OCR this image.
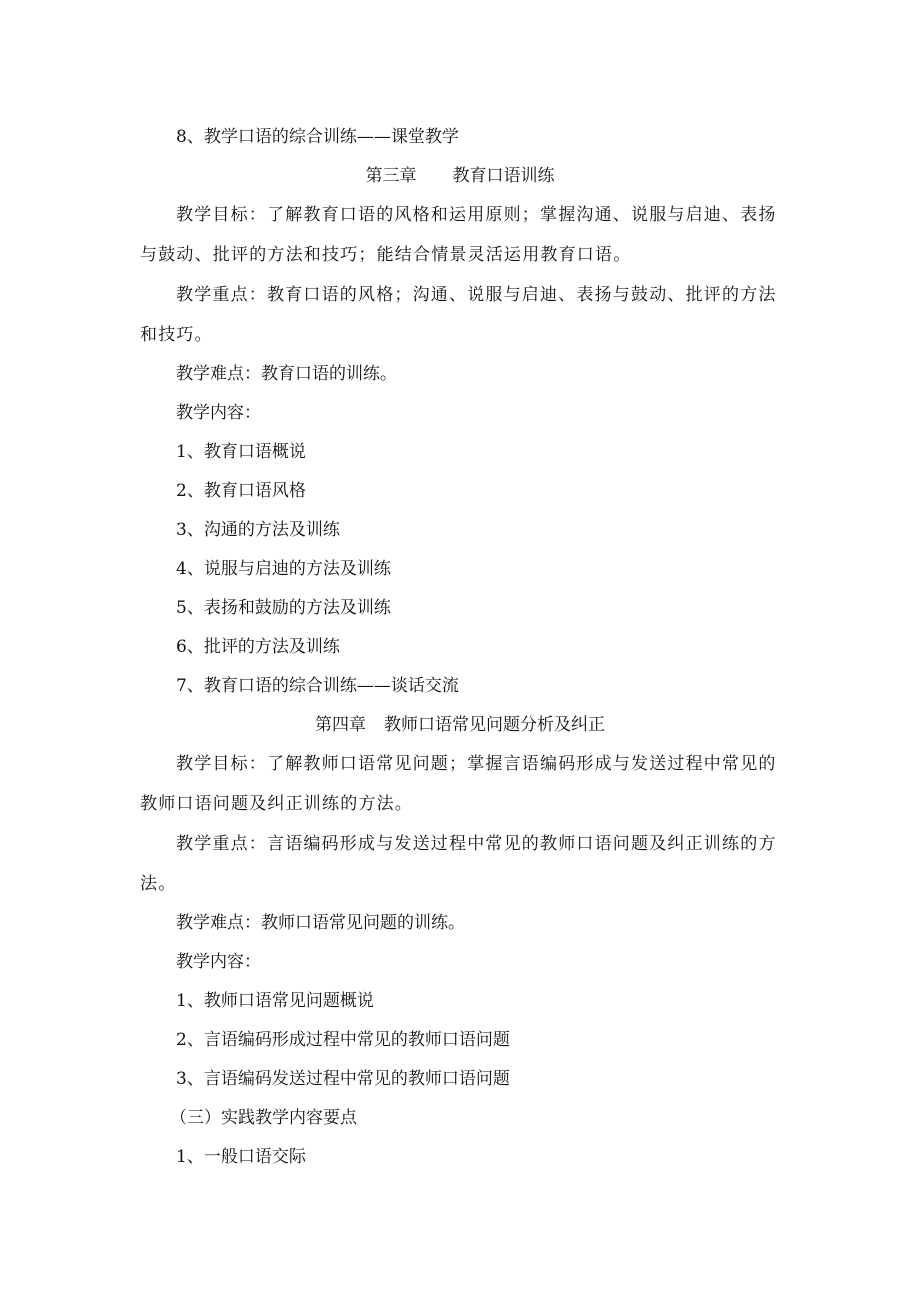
8、教学口语的综合训练——课堂教学

第三章 教育口语训练

教学目标：了解教育口语的风格和运用原则；掌握沟通、说服与启迪、表扬

与鼓动、批评的方法和技巧；能结合情景灵活运用教育口语。

教学重点：教育口语的风格；沟通、说服与启迪、表扬与鼓动、批评的方法

和技巧。

教学难点：教育口语的训练。

教学内容：

1、教育口语概说

2、教育口语风格

3、沟通的方法及训练

4、说服与启迪的方法及训练

5、表扬和鼓励的方法及训练

6、批评的方法及训练

7、教育口语的综合训练——谈话交流

第四章 教师口语常见问题分析及纠正

教学目标：了解教师口语常见问题；掌握言语编码形成与发送过程中常见的

教师口语问题及纠正训练的方法。

教学重点：言语编码形成与发送过程中常见的教师口语问题及纠正训练的方

法。

教学难点：教师口语常见问题的训练。

教学内容：

1、教师口语常见问题概说

2、言语编码形成过程中常见的教师口语问题

3、言语编码发送过程中常见的教师口语问题

（三）实践教学内容要点

1、一般口语交际
